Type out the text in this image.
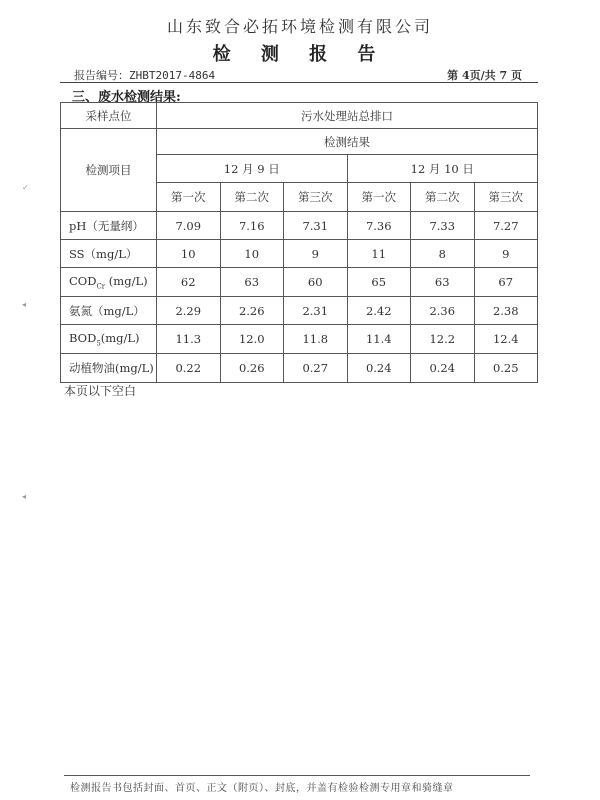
山东致合必拓环境检测有限公司
检 测 报 告
报告编号：ZHBT2017-4864	第 4页/共 7 页
三、废水检测结果:
采样点位	污水处理站总排口					
检测项目	检测结果					
	12 月 9 日			12 月 10 日		
	第一次	第二次	第三次	第一次	第二次	第三次
pH（无量纲）	7.09	7.16	7.31	7.36	7.33	7.27
SS（mg/L）	10	10	9	11	8	9
$COD_{Cr}$ (mg/L)	62	63	60	65	63	67
氨氮（mg/L）	2.29	2.26	2.31	2.42	2.36	2.38
$BOD_5(mg/L)$	11.3	12.0	11.8	11.4	12.2	12.4
动植物油(mg/L)	0.22	0.26	0.27	0.24	0.24	0.25
本页以下空白
✓
◂
◂
检测报告书包括封面、首页、正文（附页）、封底，并盖有检验检测专用章和骑缝章
